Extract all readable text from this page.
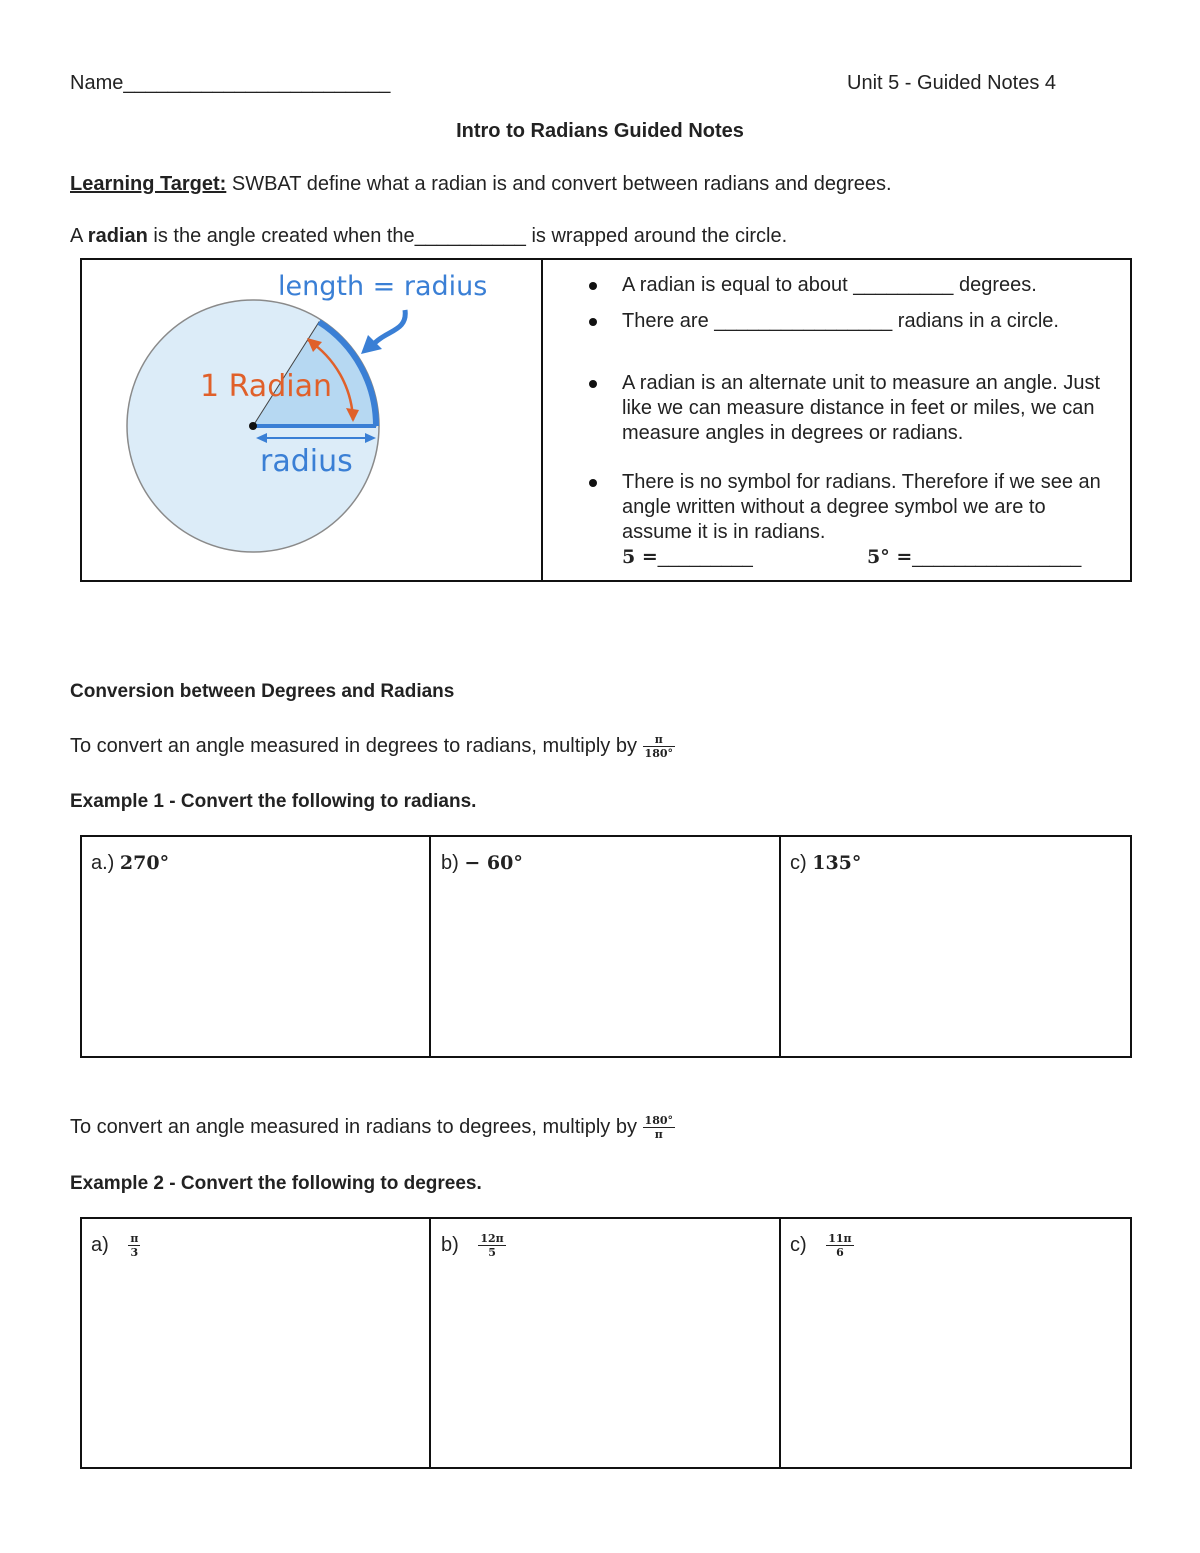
Name________________________	Unit 5 - Guided Notes 4
Intro to Radians Guided Notes
Learning Target: SWBAT define what a radian is and convert between radians and degrees.
A radian is the angle created when the__________ is wrapped around the circle.
length = radius
1 Radian
radius
A radian is equal to about _________ degrees.
There are ________________ radians in a circle.
A radian is an alternate unit to measure an angle. Just like we can measure distance in feet or miles, we can measure angles in degrees or radians.
There is no symbol for radians. Therefore if we see an angle written without a degree symbol we are to assume it is in radians.
5 =_________	5° =________________
Conversion between Degrees and Radians
To convert an angle measured in degrees to radians, multiply by $\frac{\pi}{180^\circ}$
Example 1 - Convert the following to radians.
a.) 270°	b) − 60°	c) 135°
To convert an angle measured in radians to degrees, multiply by $\frac{180^\circ}{\pi}$
Example 2 - Convert the following to degrees.
$a) \frac{\pi}{3}$	$b) \frac{12\pi}{5}$	$c) \frac{11\pi}{6}$
